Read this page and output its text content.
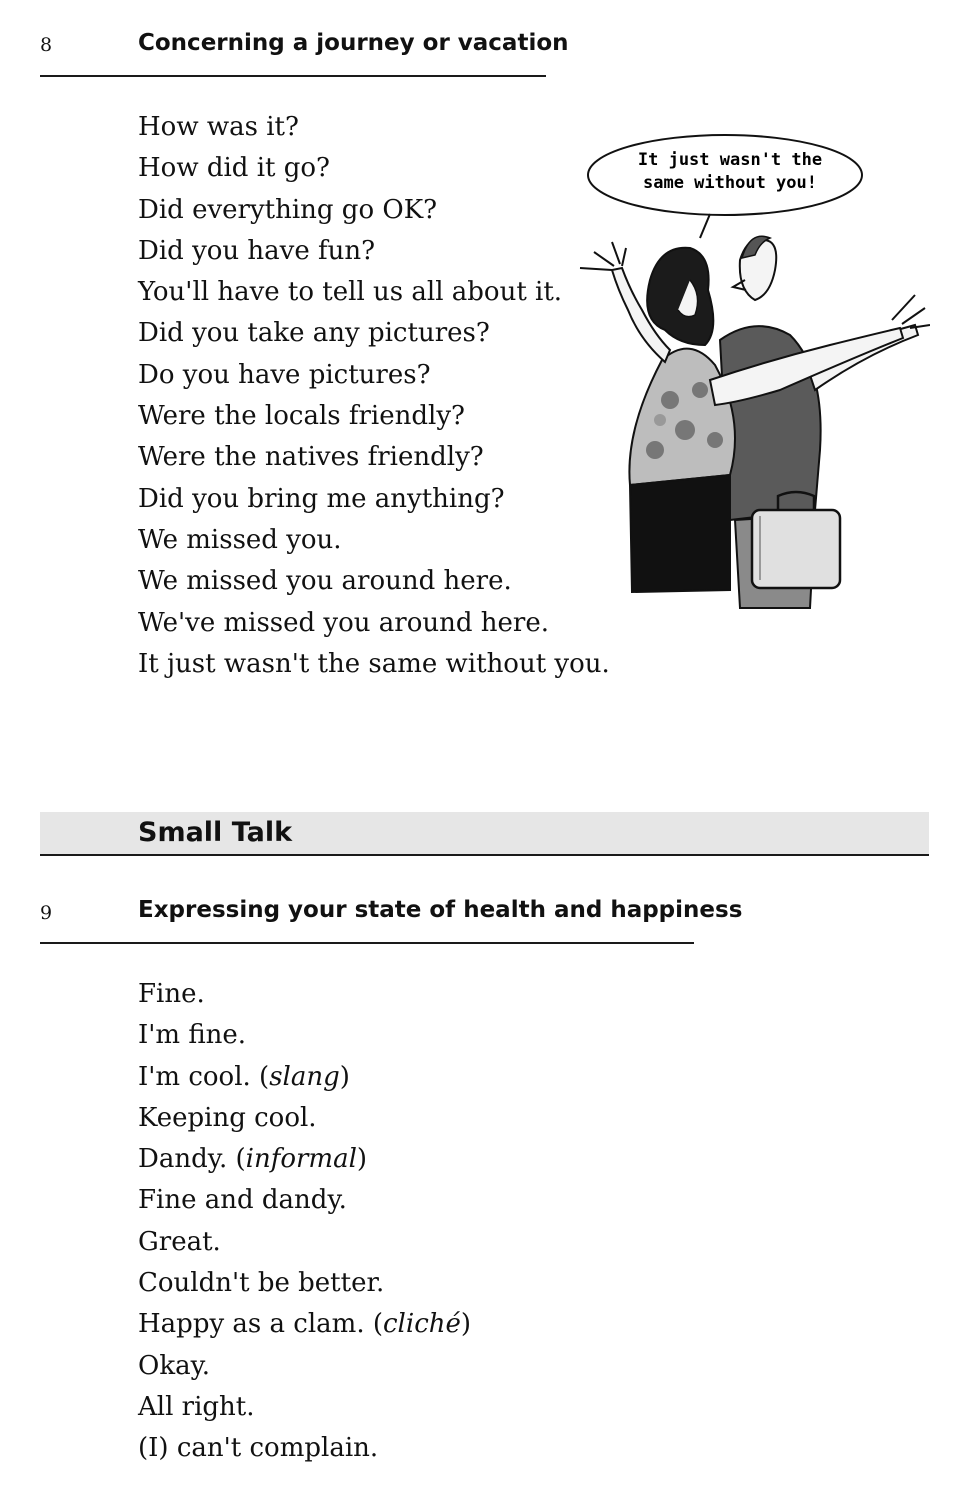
8	Concerning a journey or vacation
How was it?
How did it go?
Did everything go OK?
Did you have fun?
You'll have to tell us all about it.
Did you take any pictures?
Do you have pictures?
Were the locals friendly?
Were the natives friendly?
Did you bring me anything?
We missed you.
We missed you around here.
We've missed you around here.
It just wasn't the same without you.
It just wasn't the
same without you!
Small Talk
9	Expressing your state of health and happiness
Fine.
I'm fine.
I'm cool. (slang)
Keeping cool.
Dandy. (informal)
Fine and dandy.
Great.
Couldn't be better.
Happy as a clam. (cliché)
Okay.
All right.
(I) can't complain.
